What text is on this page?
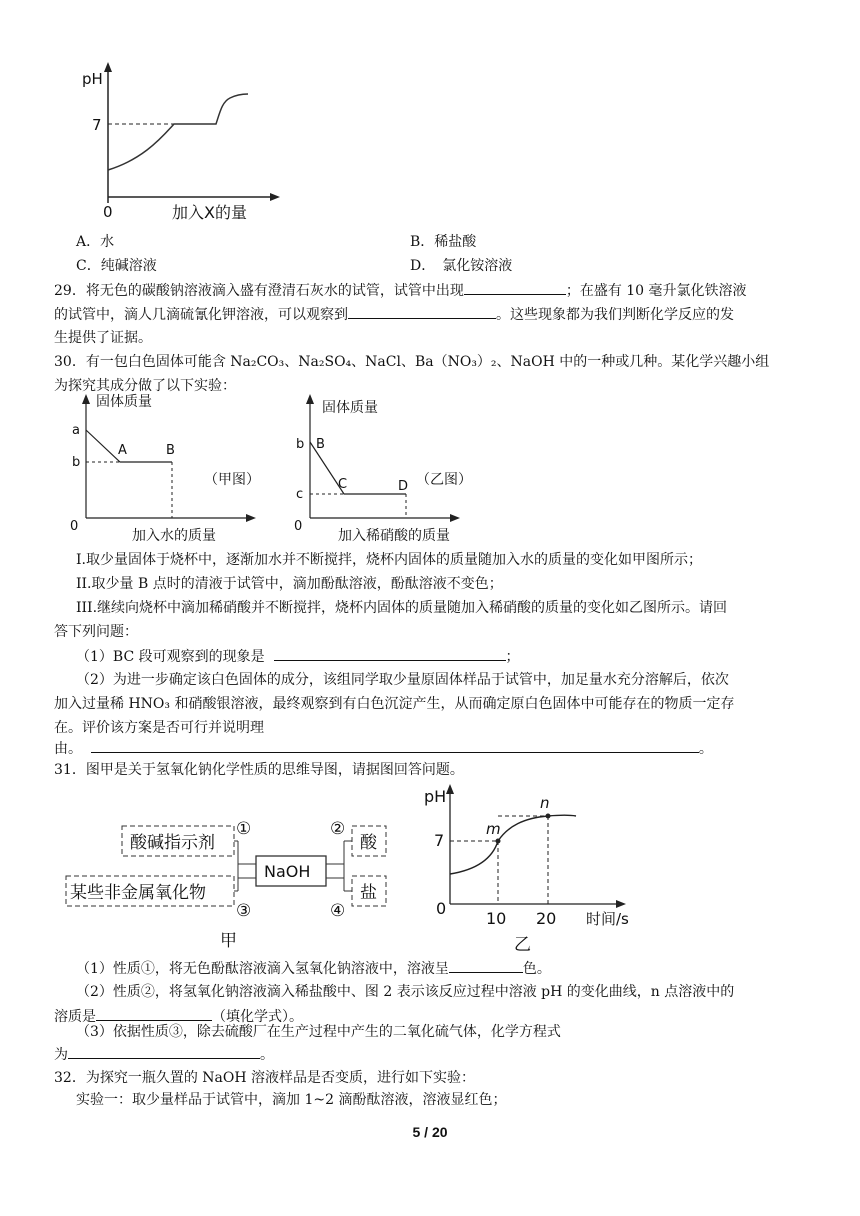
pH
7
0	加入X的量
A．水	B．稀盐酸
C．纯碱溶液	D．　氯化铵溶液
29．将无色的碳酸钠溶液滴入盛有澄清石灰水的试管，试管中出现	；在盛有 10 毫升氯化铁溶液
的试管中，滴人几滴硫氰化钾溶液，可以观察到	。这些现象都为我们判断化学反应的发
生提供了证据。
30．有一包白色固体可能含 Na₂CO₃、Na₂SO₄、NaCl、Ba（NO₃）₂、NaOH 中的一种或几种。某化学兴趣小组
为探究其成分做了以下实验：
固体质量
a
b
A	B
（甲图）
0
加入水的质量
固体质量
b B
c
C	D （乙图）
0
加入稀硝酸的质量
I.取少量固体于烧杯中，逐渐加水并不断搅拌，烧杯内固体的质量随加入水的质量的变化如甲图所示；
II.取少量 B 点时的清液于试管中，滴加酚酞溶液，酚酞溶液不变色；
III.继续向烧杯中滴加稀硝酸并不断搅拌，烧杯内固体的质量随加入稀硝酸的质量的变化如乙图所示。请回
答下列问题：
（1）BC 段可观察到的现象是	；
（2）为进一步确定该白色固体的成分，该组同学取少量原固体样品于试管中，加足量水充分溶解后，依次
加入过量稀 HNO₃ 和硝酸银溶液，最终观察到有白色沉淀产生，从而确定原白色固体中可能存在的物质一定存
在。评价该方案是否可行并说明理
由。	。
31．图甲是关于氢氧化钠化学性质的思维导图，请据图回答问题。
酸碱指示剂
某些非金属氧化物
NaOH
酸
盐
①
③
②
④
甲
m
n
pH
7
0
10 20 时间/s
乙
（1）性质①，将无色酚酞溶液滴入氢氧化钠溶液中，溶液呈	色。
（2）性质②，将氢氧化钠溶液滴入稀盐酸中、图 2 表示该反应过程中溶液 pH 的变化曲线，n 点溶液中的
溶质是	（填化学式）。
（3）依据性质③，除去硫酸厂在生产过程中产生的二氧化硫气体，化学方程式
为	。
32．为探究一瓶久置的 NaOH 溶液样品是否变质，进行如下实验：
实验一：取少量样品于试管中，滴加 1~2 滴酚酞溶液，溶液显红色；
5 / 20
